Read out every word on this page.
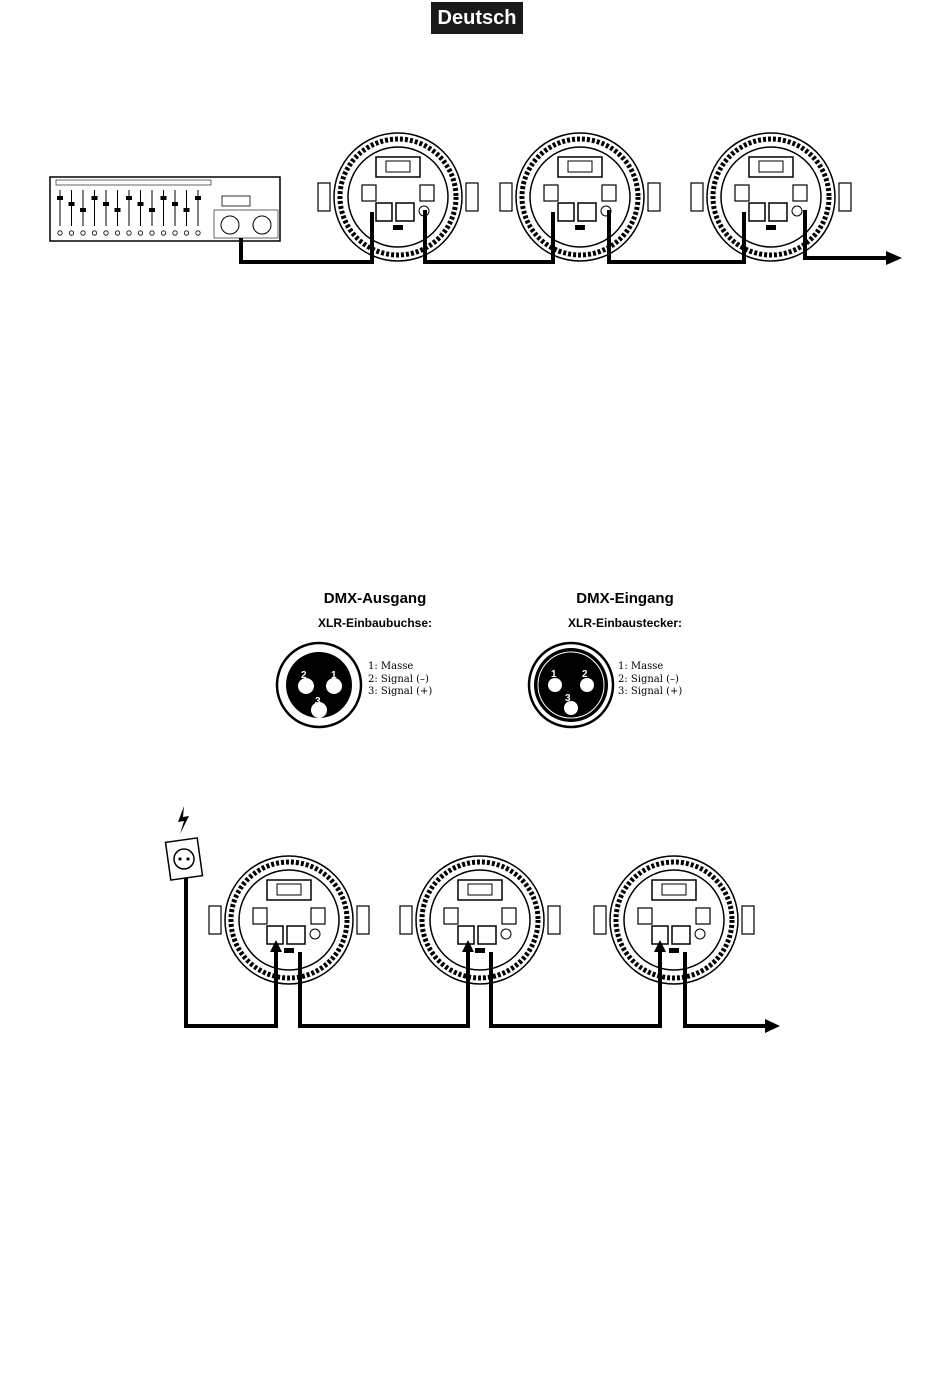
Deutsch
DMX-Ausgang
XLR-Einbaubuchse:
2 1
3
1: Masse
2: Signal (–)
3: Signal (+)
DMX-Eingang
XLR-Einbaustecker:
1	2
3
1: Masse
2: Signal (–)
3: Signal (+)
